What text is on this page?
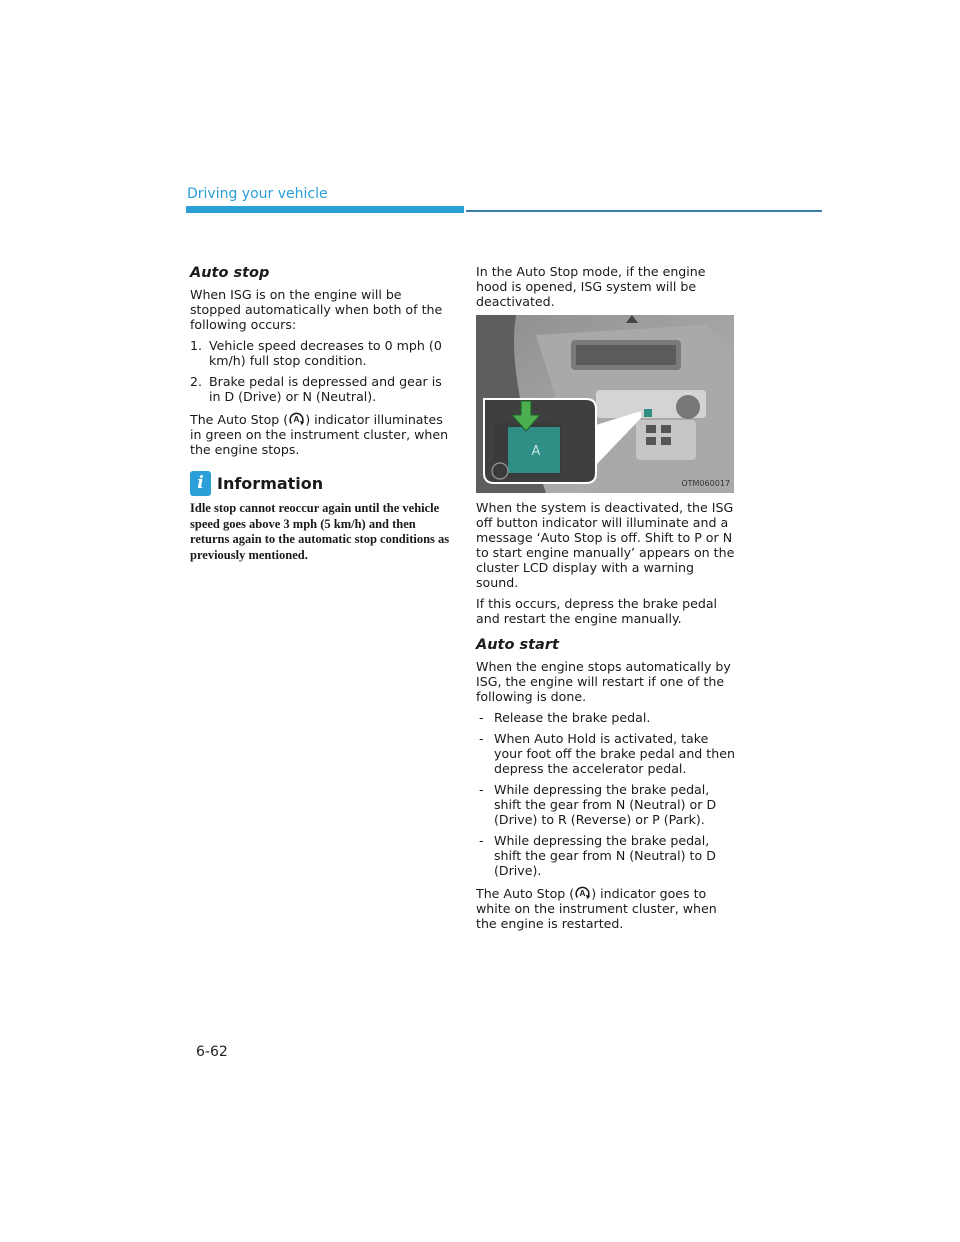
Driving your vehicle
Auto stop

When ISG is on the engine will be stopped automatically when both of the following occurs:

1. Vehicle speed decreases to 0 mph (0 km/h) full stop condition.
2. Brake pedal is depressed and gear is in D (Drive) or N (Neutral).

The Auto Stop ( A ) indicator illuminates in green on the instrument cluster, when the engine stops.

i Information
Idle stop cannot reoccur again until the vehicle speed goes above 3 mph (5 km/h) and then returns again to the automatic stop conditions as previously mentioned.

In the Auto Stop mode, if the engine hood is opened, ISG system will be deactivated.

A
OTM060017

When the system is deactivated, the ISG off button indicator will illuminate and a message ‘Auto Stop is off. Shift to P or N to start engine manually’ appears on the cluster LCD display with a warning sound.

If this occurs, depress the brake pedal and restart the engine manually.

Auto start

When the engine stops automatically by ISG, the engine will restart if one of the following is done.

- Release the brake pedal.
- When Auto Hold is activated, take your foot off the brake pedal and then depress the accelerator pedal.
- While depressing the brake pedal, shift the gear from N (Neutral) or D (Drive) to R (Reverse) or P (Park).
- While depressing the brake pedal, shift the gear from N (Neutral) to D (Drive).

The Auto Stop ( A ) indicator goes to white on the instrument cluster, when the engine is restarted.

6-62
